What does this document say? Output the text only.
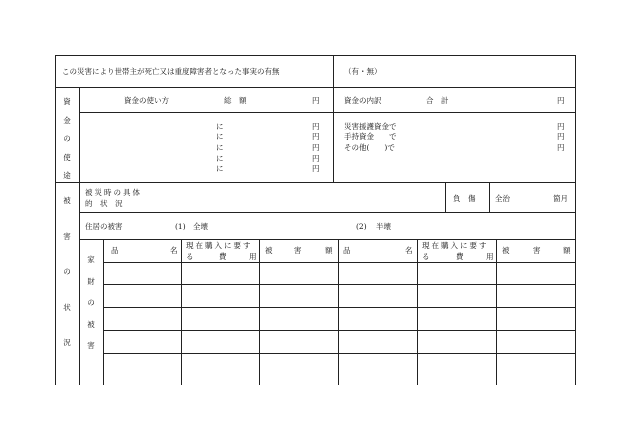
この災害により世帯主が死亡又は重度障害者となった事実の有無	（有・無）
資
金
の
使
途
資金の使い方	総　額	円	資金の内訳	合　計	円
に	円
に	円
に	円
に	円
に	円
災害援護資金で	円
手持資金　　で	円
その他(　　)で	円
被
害
の
状
況
被災時の具体
的　状　況
負　傷	全治	箇月
住居の被害	(1) 全壊	(2) 半壊
家
財
の
被
害
品	名
現在購入に要す
る	費	用
被	害	額 品	名
現在購入に要す
る	費	用
被	害	額
